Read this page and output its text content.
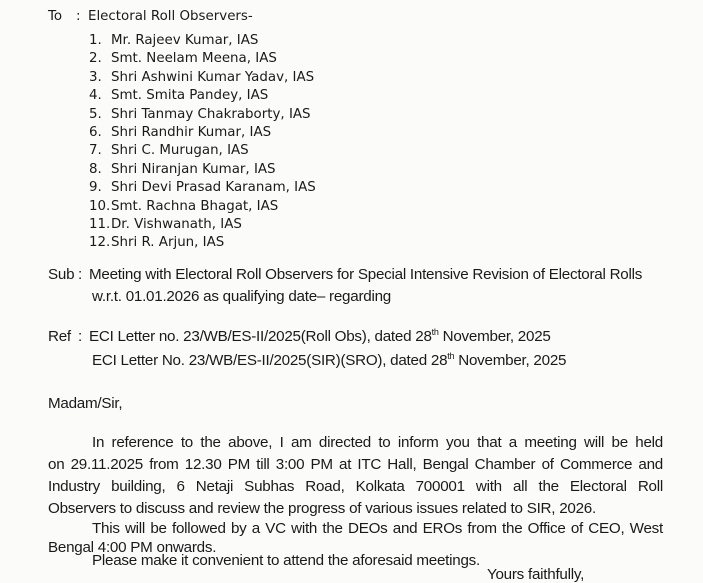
To : Electoral Roll Observers-
1. Mr. Rajeev Kumar, IAS
2. Smt. Neelam Meena, IAS
3. Shri Ashwini Kumar Yadav, IAS
4. Smt. Smita Pandey, IAS
5. Shri Tanmay Chakraborty, IAS
6. Shri Randhir Kumar, IAS
7. Shri C. Murugan, IAS
8. Shri Niranjan Kumar, IAS
9. Shri Devi Prasad Karanam, IAS
10.Smt. Rachna Bhagat, IAS
11.Dr. Vishwanath, IAS
12.Shri R. Arjun, IAS
Sub : Meeting with Electoral Roll Observers for Special Intensive Revision of Electoral Rolls
w.r.t. 01.01.2026 as qualifying date– regarding
Ref : ECI Letter no. 23/WB/ES-II/2025(Roll Obs), dated 28th November, 2025
ECI Letter No. 23/WB/ES-II/2025(SIR)(SRO), dated 28th November, 2025
Madam/Sir,
In reference to the above, I am directed to inform you that a meeting will be held
on 29.11.2025 from 12.30 PM till 3:00 PM at ITC Hall, Bengal Chamber of Commerce and
Industry building, 6 Netaji Subhas Road, Kolkata 700001 with all the Electoral Roll
Observers to discuss and review the progress of various issues related to SIR, 2026.
This will be followed by a VC with the DEOs and EROs from the Office of CEO, West
Bengal 4:00 PM onwards.
Please make it convenient to attend the aforesaid meetings.
Yours faithfully,
